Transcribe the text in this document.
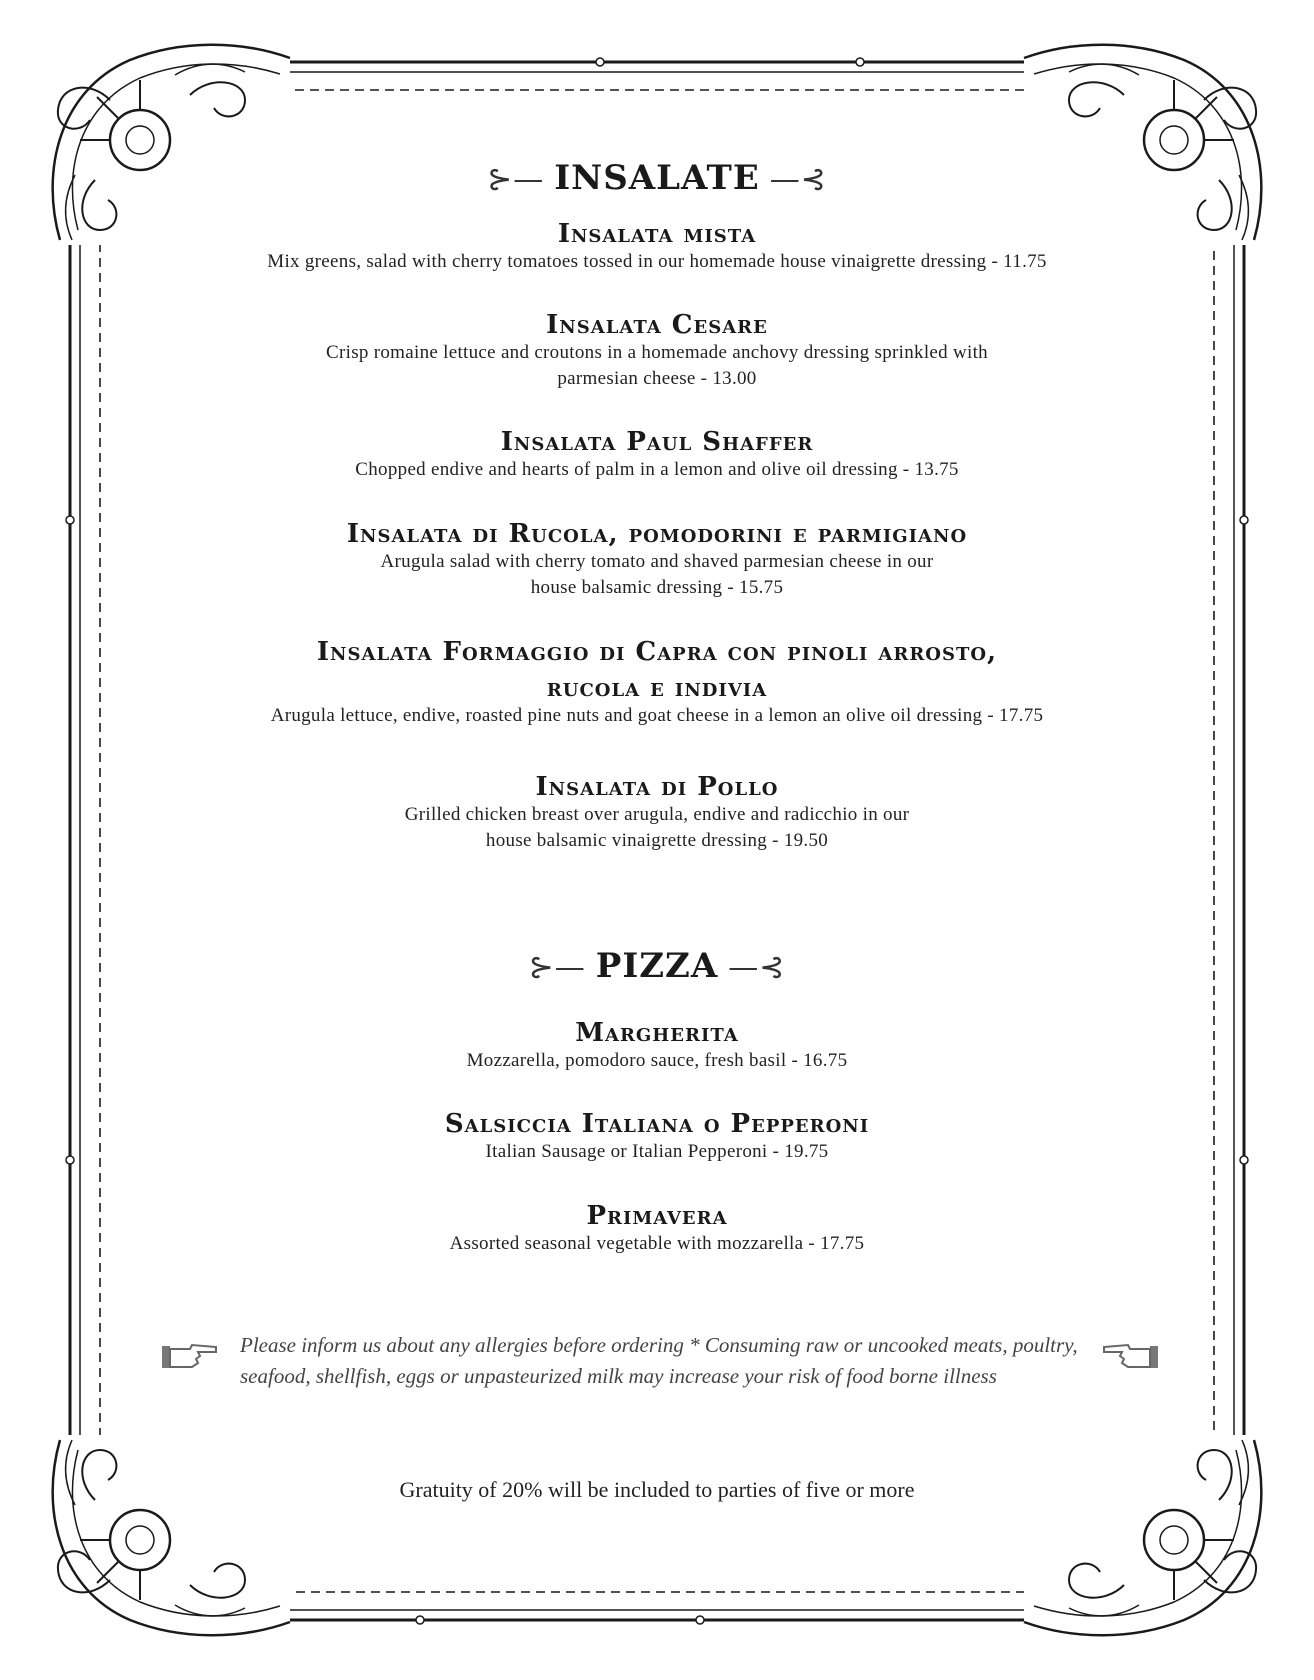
⊱— INSALATE —⊰
Insalata mista
Mix greens, salad with cherry tomatoes tossed in our homemade house vinaigrette dressing - 11.75
Insalata Cesare
Crisp romaine lettuce and croutons in a homemade anchovy dressing sprinkled with
parmesian cheese - 13.00
Insalata Paul Shaffer
Chopped endive and hearts of palm in a lemon and olive oil dressing - 13.75
Insalata di Rucola, pomodorini e parmigiano
Arugula salad with cherry tomato and shaved parmesian cheese in our
house balsamic dressing - 15.75
Insalata Formaggio di Capra con pinoli arrosto,
rucola e indivia
Arugula lettuce, endive, roasted pine nuts and goat cheese in a lemon an olive oil dressing - 17.75
Insalata di Pollo
Grilled chicken breast over arugula, endive and radicchio in our
house balsamic vinaigrette dressing - 19.50
⊱— PIZZA —⊰
Margherita
Mozzarella, pomodoro sauce, fresh basil - 16.75
Salsiccia Italiana o Pepperoni
Italian Sausage or Italian Pepperoni - 19.75
Primavera
Assorted seasonal vegetable with mozzarella - 17.75
Please inform us about any allergies before ordering * Consuming raw or uncooked meats, poultry,
seafood, shellfish, eggs or unpasteurized milk may increase your risk of food borne illness
Gratuity of 20% will be included to parties of five or more
